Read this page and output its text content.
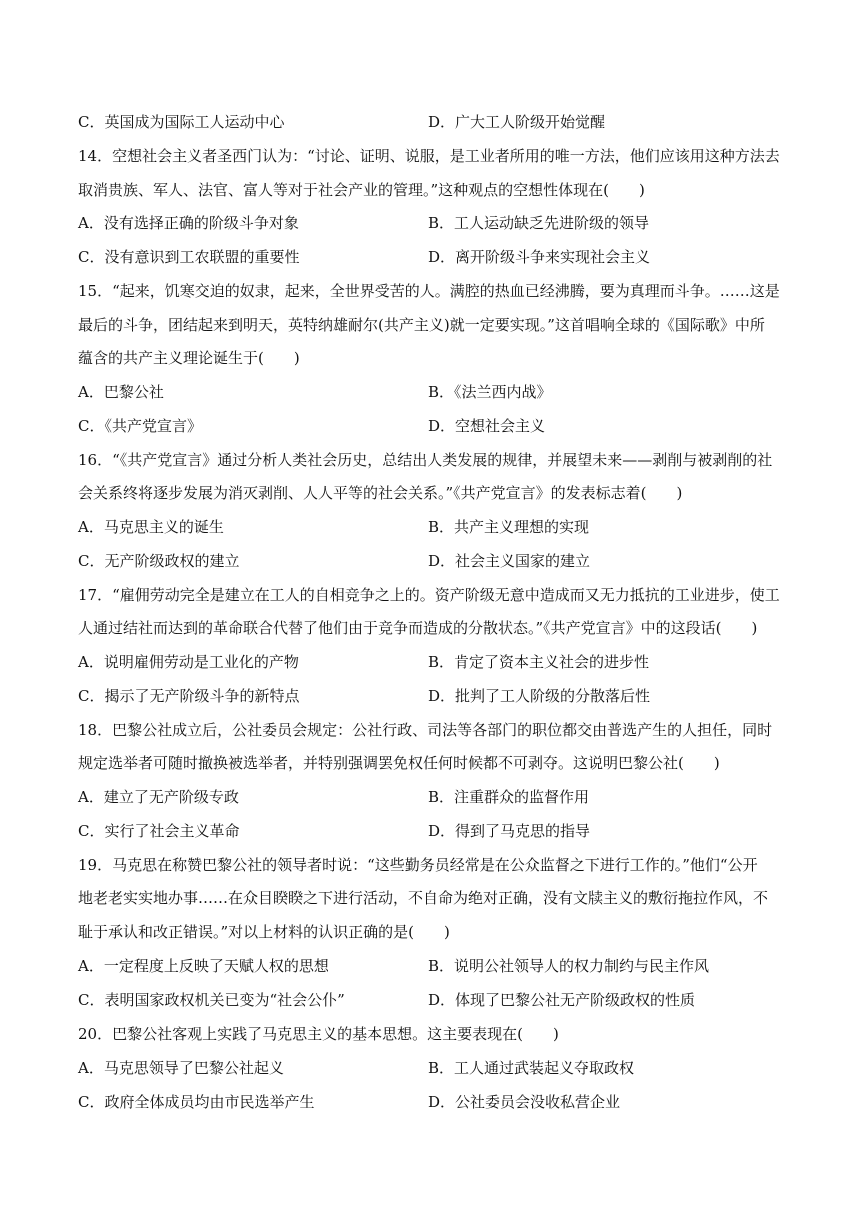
C．英国成为国际工人运动中心	D．广大工人阶级开始觉醒
14．空想社会主义者圣西门认为：“讨论、证明、说服，是工业者所用的唯一方法，他们应该用这种方法去
取消贵族、军人、法官、富人等对于社会产业的管理。”这种观点的空想性体现在(　　)
A．没有选择正确的阶级斗争对象	B．工人运动缺乏先进阶级的领导
C．没有意识到工农联盟的重要性	D．离开阶级斗争来实现社会主义
15．“起来，饥寒交迫的奴隶，起来，全世界受苦的人。满腔的热血已经沸腾，要为真理而斗争。……这是
最后的斗争，团结起来到明天，英特纳雄耐尔(共产主义)就一定要实现。”这首唱响全球的《国际歌》中所
蕴含的共产主义理论诞生于(　　)
A．巴黎公社	B．《法兰西内战》
C．《共产党宣言》	D．空想社会主义
16．“《共产党宣言》通过分析人类社会历史，总结出人类发展的规律，并展望未来——剥削与被剥削的社
会关系终将逐步发展为消灭剥削、人人平等的社会关系。”《共产党宣言》的发表标志着(　　)
A．马克思主义的诞生	B．共产主义理想的实现
C．无产阶级政权的建立	D．社会主义国家的建立
17．“雇佣劳动完全是建立在工人的自相竞争之上的。资产阶级无意中造成而又无力抵抗的工业进步，使工
人通过结社而达到的革命联合代替了他们由于竞争而造成的分散状态。”《共产党宣言》中的这段话(　　)
A．说明雇佣劳动是工业化的产物	B．肯定了资本主义社会的进步性
C．揭示了无产阶级斗争的新特点	D．批判了工人阶级的分散落后性
18．巴黎公社成立后，公社委员会规定：公社行政、司法等各部门的职位都交由普选产生的人担任，同时
规定选举者可随时撤换被选举者，并特别强调罢免权任何时候都不可剥夺。这说明巴黎公社(　　)
A．建立了无产阶级专政	B．注重群众的监督作用
C．实行了社会主义革命	D．得到了马克思的指导
19．马克思在称赞巴黎公社的领导者时说：“这些勤务员经常是在公众监督之下进行工作的。”他们“公开
地老老实实地办事……在众目睽睽之下进行活动，不自命为绝对正确，没有文牍主义的敷衍拖拉作风，不
耻于承认和改正错误。”对以上材料的认识正确的是(　　)
A．一定程度上反映了天赋人权的思想	B．说明公社领导人的权力制约与民主作风
C．表明国家政权机关已变为“社会公仆”	D．体现了巴黎公社无产阶级政权的性质
20．巴黎公社客观上实践了马克思主义的基本思想。这主要表现在(　　)
A．马克思领导了巴黎公社起义	B．工人通过武装起义夺取政权
C．政府全体成员均由市民选举产生	D．公社委员会没收私营企业
